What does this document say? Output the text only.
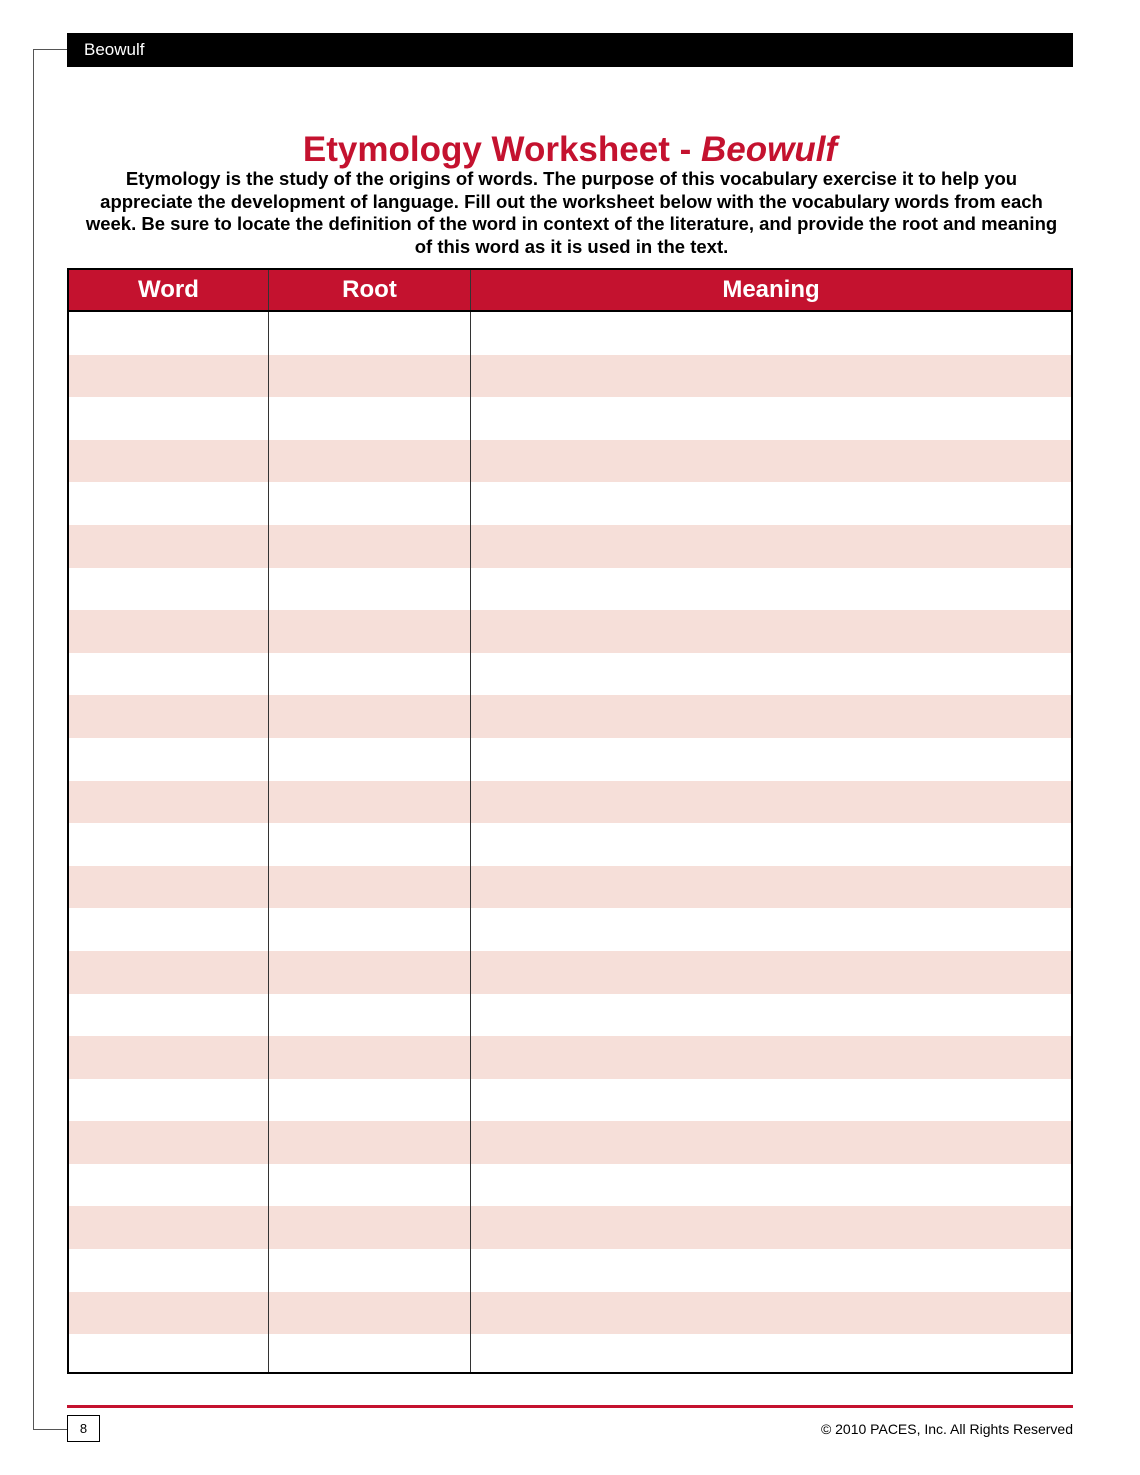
Beowulf
Etymology Worksheet - Beowulf

Etymology is the study of the origins of words. The purpose of this vocabulary exercise it to help you appreciate the development of language. Fill out the worksheet below with the vocabulary words from each week. Be sure to locate the definition of the word in context of the literature, and provide the root and meaning of this word as it is used in the text.

Word	Root	Meaning
8	© 2010 PACES, Inc. All Rights Reserved
